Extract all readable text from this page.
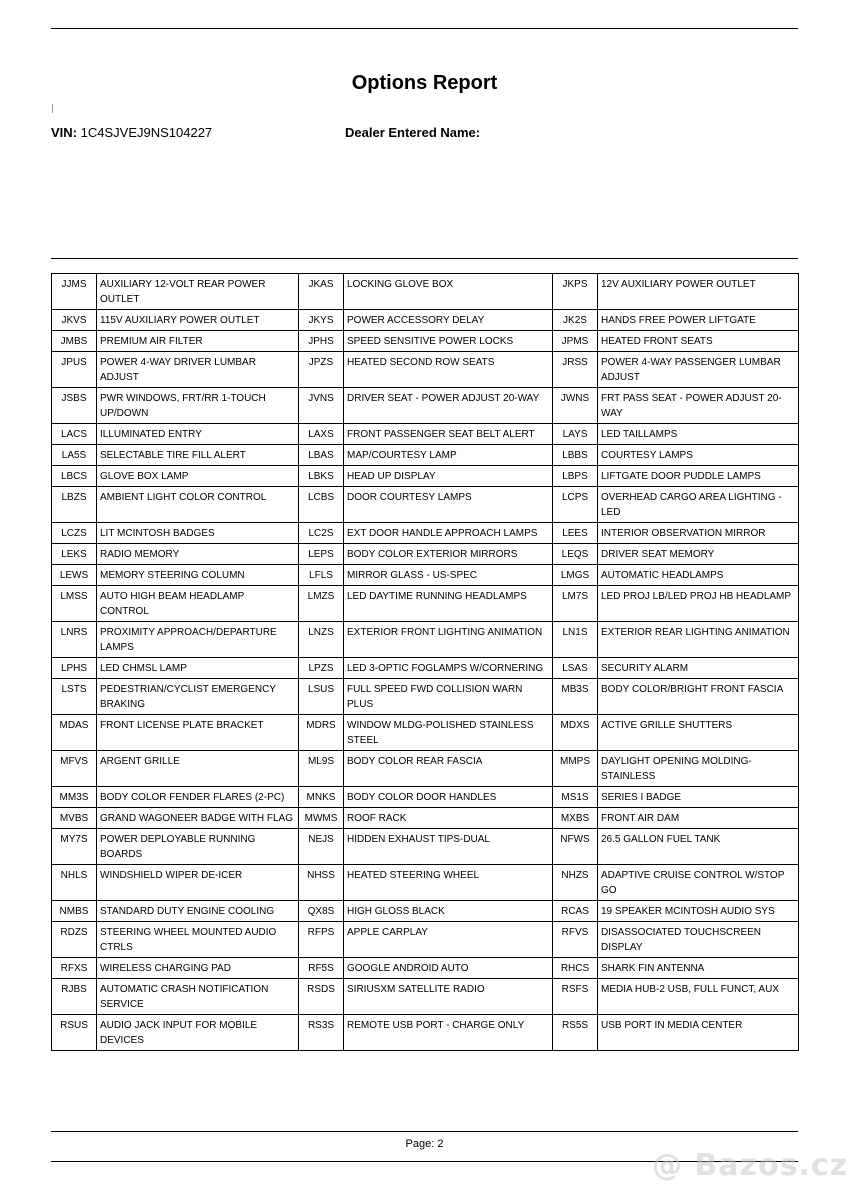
Options Report
VIN: 1C4SJVEJ9NS104227	Dealer Entered Name:
JJMS	AUXILIARY 12-VOLT REAR POWER OUTLET	JKAS	LOCKING GLOVE BOX	JKPS	12V AUXILIARY POWER OUTLET
JKVS	115V AUXILIARY POWER OUTLET	JKYS	POWER ACCESSORY DELAY	JK2S	HANDS FREE POWER LIFTGATE
JMBS	PREMIUM AIR FILTER	JPHS	SPEED SENSITIVE POWER LOCKS	JPMS	HEATED FRONT SEATS
JPUS	POWER 4-WAY DRIVER LUMBAR ADJUST	JPZS	HEATED SECOND ROW SEATS	JRSS	POWER 4-WAY PASSENGER LUMBAR ADJUST
JSBS	PWR WINDOWS, FRT/RR 1-TOUCH UP/DOWN	JVNS	DRIVER SEAT - POWER ADJUST 20-WAY	JWNS	FRT PASS SEAT - POWER ADJUST 20-WAY
LACS	ILLUMINATED ENTRY	LAXS	FRONT PASSENGER SEAT BELT ALERT	LAYS	LED TAILLAMPS
LA5S	SELECTABLE TIRE FILL ALERT	LBAS	MAP/COURTESY LAMP	LBBS	COURTESY LAMPS
LBCS	GLOVE BOX LAMP	LBKS	HEAD UP DISPLAY	LBPS	LIFTGATE DOOR PUDDLE LAMPS
LBZS	AMBIENT LIGHT COLOR CONTROL	LCBS	DOOR COURTESY LAMPS	LCPS	OVERHEAD CARGO AREA LIGHTING - LED
LCZS	LIT MCINTOSH BADGES	LC2S	EXT DOOR HANDLE APPROACH LAMPS	LEES	INTERIOR OBSERVATION MIRROR
LEKS	RADIO MEMORY	LEPS	BODY COLOR EXTERIOR MIRRORS	LEQS	DRIVER SEAT MEMORY
LEWS	MEMORY STEERING COLUMN	LFLS	MIRROR GLASS - US-SPEC	LMGS	AUTOMATIC HEADLAMPS
LMSS	AUTO HIGH BEAM HEADLAMP CONTROL	LMZS	LED DAYTIME RUNNING HEADLAMPS	LM7S	LED PROJ LB/LED PROJ HB HEADLAMP
LNRS	PROXIMITY APPROACH/DEPARTURE LAMPS	LNZS	EXTERIOR FRONT LIGHTING ANIMATION	LN1S	EXTERIOR REAR LIGHTING ANIMATION
LPHS	LED CHMSL LAMP	LPZS	LED 3-OPTIC FOGLAMPS W/CORNERING	LSAS	SECURITY ALARM
LSTS	PEDESTRIAN/CYCLIST EMERGENCY BRAKING	LSUS	FULL SPEED FWD COLLISION WARN PLUS	MB3S	BODY COLOR/BRIGHT FRONT FASCIA
MDAS	FRONT LICENSE PLATE BRACKET	MDRS	WINDOW MLDG-POLISHED STAINLESS STEEL	MDXS	ACTIVE GRILLE SHUTTERS
MFVS	ARGENT GRILLE	ML9S	BODY COLOR REAR FASCIA	MMPS	DAYLIGHT OPENING MOLDING-STAINLESS
MM3S	BODY COLOR FENDER FLARES (2-PC)	MNKS	BODY COLOR DOOR HANDLES	MS1S	SERIES I BADGE
MVBS	GRAND WAGONEER BADGE WITH FLAG	MWMS	ROOF RACK	MXBS	FRONT AIR DAM
MY7S	POWER DEPLOYABLE RUNNING BOARDS	NEJS	HIDDEN EXHAUST TIPS-DUAL	NFWS	26.5 GALLON FUEL TANK
NHLS	WINDSHIELD WIPER DE-ICER	NHSS	HEATED STEERING WHEEL	NHZS	ADAPTIVE CRUISE CONTROL W/STOP GO
NMBS	STANDARD DUTY ENGINE COOLING	QX8S	HIGH GLOSS BLACK	RCAS	19 SPEAKER MCINTOSH AUDIO SYS
RDZS	STEERING WHEEL MOUNTED AUDIO CTRLS	RFPS	APPLE CARPLAY	RFVS	DISASSOCIATED TOUCHSCREEN DISPLAY
RFXS	WIRELESS CHARGING PAD	RF5S	GOOGLE ANDROID AUTO	RHCS	SHARK FIN ANTENNA
RJBS	AUTOMATIC CRASH NOTIFICATION SERVICE	RSDS	SIRIUSXM SATELLITE RADIO	RSFS	MEDIA HUB-2 USB, FULL FUNCT, AUX
RSUS	AUDIO JACK INPUT FOR MOBILE DEVICES	RS3S	REMOTE USB PORT - CHARGE ONLY	RS5S	USB PORT IN MEDIA CENTER
Page: 2
@ Bazos.cz
